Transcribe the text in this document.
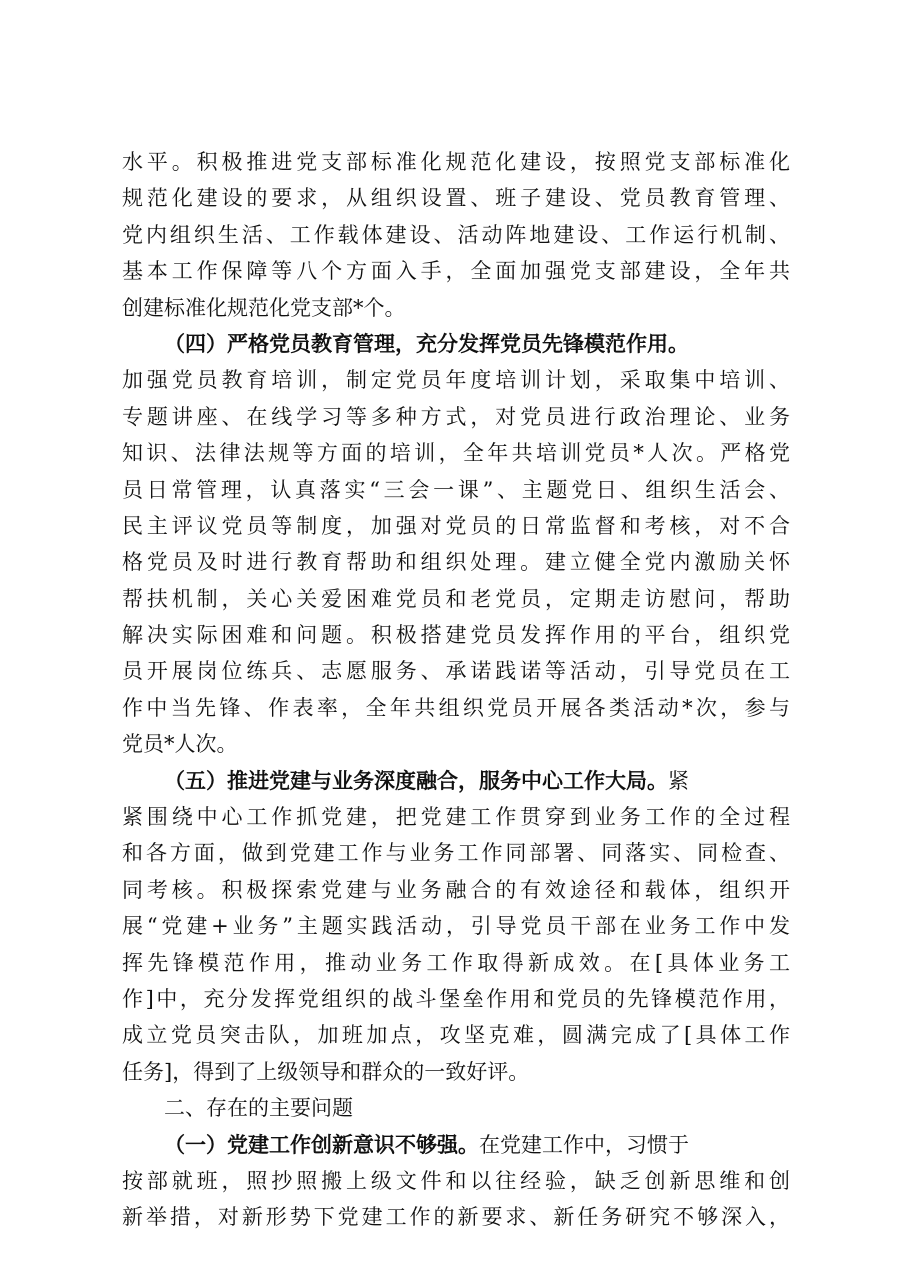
水平。积极推进党支部标准化规范化建设，按照党支部标准化
规范化建设的要求，从组织设置、班子建设、党员教育管理、
党内组织生活、工作载体建设、活动阵地建设、工作运行机制、
基本工作保障等八个方面入手，全面加强党支部建设，全年共
创建标准化规范化党支部*个。
（四）严格党员教育管理，充分发挥党员先锋模范作用。
加强党员教育培训，制定党员年度培训计划，采取集中培训、
专题讲座、在线学习等多种方式，对党员进行政治理论、业务
知识、法律法规等方面的培训，全年共培训党员*人次。严格党
员日常管理，认真落实“三会一课”、主题党日、组织生活会、
民主评议党员等制度，加强对党员的日常监督和考核，对不合
格党员及时进行教育帮助和组织处理。建立健全党内激励关怀
帮扶机制，关心关爱困难党员和老党员，定期走访慰问，帮助
解决实际困难和问题。积极搭建党员发挥作用的平台，组织党
员开展岗位练兵、志愿服务、承诺践诺等活动，引导党员在工
作中当先锋、作表率，全年共组织党员开展各类活动*次，参与
党员*人次。
（五）推进党建与业务深度融合，服务中心工作大局。紧
紧围绕中心工作抓党建，把党建工作贯穿到业务工作的全过程
和各方面，做到党建工作与业务工作同部署、同落实、同检查、
同考核。积极探索党建与业务融合的有效途径和载体，组织开
展“党建+业务”主题实践活动，引导党员干部在业务工作中发
挥先锋模范作用，推动业务工作取得新成效。在[具体业务工
作]中，充分发挥党组织的战斗堡垒作用和党员的先锋模范作用，
成立党员突击队，加班加点，攻坚克难，圆满完成了[具体工作
任务]，得到了上级领导和群众的一致好评。
二、存在的主要问题
（一）党建工作创新意识不够强。在党建工作中，习惯于
按部就班，照抄照搬上级文件和以往经验，缺乏创新思维和创
新举措，对新形势下党建工作的新要求、新任务研究不够深入，
